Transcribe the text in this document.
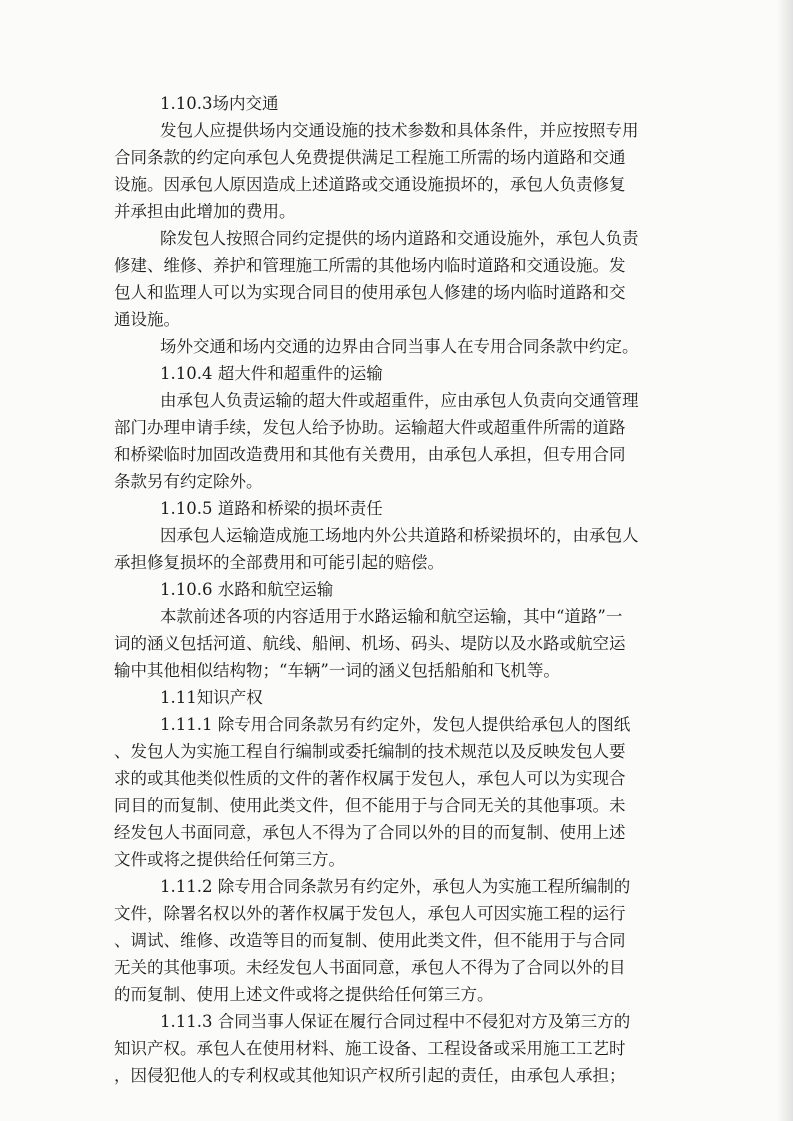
1.10.3场内交通
发包人应提供场内交通设施的技术参数和具体条件，并应按照专用
合同条款的约定向承包人免费提供满足工程施工所需的场内道路和交通
设施。因承包人原因造成上述道路或交通设施损坏的，承包人负责修复
并承担由此增加的费用。
除发包人按照合同约定提供的场内道路和交通设施外，承包人负责
修建、维修、养护和管理施工所需的其他场内临时道路和交通设施。发
包人和监理人可以为实现合同目的使用承包人修建的场内临时道路和交
通设施。
场外交通和场内交通的边界由合同当事人在专用合同条款中约定。
1.10.4 超大件和超重件的运输
由承包人负责运输的超大件或超重件，应由承包人负责向交通管理
部门办理申请手续，发包人给予协助。运输超大件或超重件所需的道路
和桥梁临时加固改造费用和其他有关费用，由承包人承担，但专用合同
条款另有约定除外。
1.10.5 道路和桥梁的损坏责任
因承包人运输造成施工场地内外公共道路和桥梁损坏的，由承包人
承担修复损坏的全部费用和可能引起的赔偿。
1.10.6 水路和航空运输
本款前述各项的内容适用于水路运输和航空运输，其中“道路”一
词的涵义包括河道、航线、船闸、机场、码头、堤防以及水路或航空运
输中其他相似结构物；“车辆”一词的涵义包括船舶和飞机等。
1.11知识产权
1.11.1 除专用合同条款另有约定外，发包人提供给承包人的图纸
、发包人为实施工程自行编制或委托编制的技术规范以及反映发包人要
求的或其他类似性质的文件的著作权属于发包人，承包人可以为实现合
同目的而复制、使用此类文件，但不能用于与合同无关的其他事项。未
经发包人书面同意，承包人不得为了合同以外的目的而复制、使用上述
文件或将之提供给任何第三方。
1.11.2 除专用合同条款另有约定外，承包人为实施工程所编制的
文件，除署名权以外的著作权属于发包人，承包人可因实施工程的运行
、调试、维修、改造等目的而复制、使用此类文件，但不能用于与合同
无关的其他事项。未经发包人书面同意，承包人不得为了合同以外的目
的而复制、使用上述文件或将之提供给任何第三方。
1.11.3 合同当事人保证在履行合同过程中不侵犯对方及第三方的
知识产权。承包人在使用材料、施工设备、工程设备或采用施工工艺时
，因侵犯他人的专利权或其他知识产权所引起的责任，由承包人承担；
